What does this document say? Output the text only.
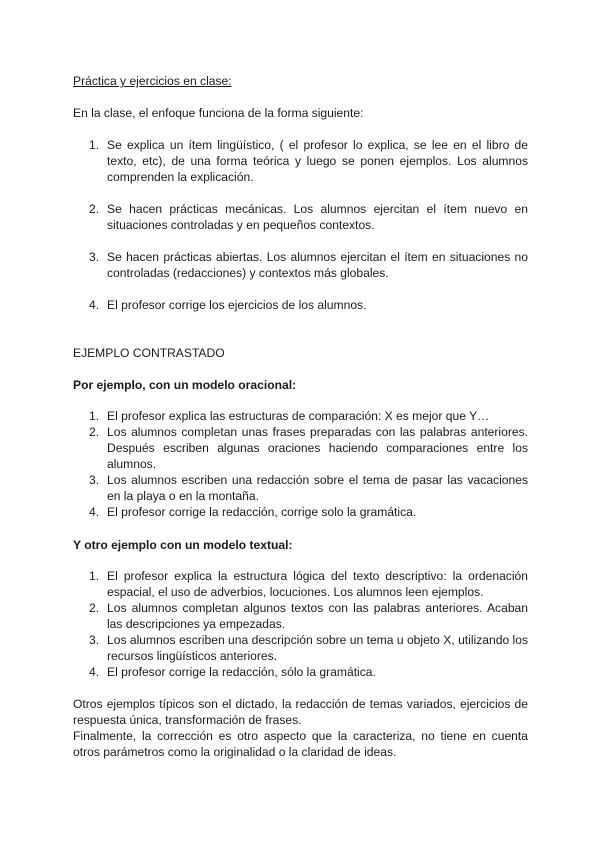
Práctica y ejercicios en clase:

En la clase, el enfoque funciona de la forma siguiente:

1. Se explica un ítem lingüístico, ( el profesor lo explica, se lee en el libro de texto, etc), de una forma teórica y luego se ponen ejemplos. Los alumnos comprenden la explicación.
2. Se hacen prácticas mecánicas. Los alumnos ejercitan el ítem nuevo en situaciones controladas y en pequeños contextos.
3. Se hacen prácticas abiertas. Los alumnos ejercitan el ítem en situaciones no controladas (redacciones) y contextos más globales.
4. El profesor corrige los ejercicios de los alumnos.

EJEMPLO CONTRASTADO

Por ejemplo, con un modelo oracional:

1. El profesor explica las estructuras de comparación: X es mejor que Y…
2. Los alumnos completan unas frases preparadas con las palabras anteriores. Después escriben algunas oraciones haciendo comparaciones entre los alumnos.
3. Los alumnos escriben una redacción sobre el tema de pasar las vacaciones en la playa o en la montaña.
4. El profesor corrige la redacción, corrige solo la gramática.

Y otro ejemplo con un modelo textual:

1. El profesor explica la estructura lógica del texto descriptivo: la ordenación espacial, el uso de adverbios, locuciones. Los alumnos leen ejemplos.
2. Los alumnos completan algunos textos con las palabras anteriores. Acaban las descripciones ya empezadas.
3. Los alumnos escriben una descripción sobre un tema u objeto X, utilizando los recursos lingüísticos anteriores.
4. El profesor corrige la redacción, sólo la gramática.

Otros ejemplos típicos son el dictado, la redacción de temas variados, ejercicios de respuesta única, transformación de frases.

Finalmente, la corrección es otro aspecto que la caracteriza, no tiene en cuenta otros parámetros como la originalidad o la claridad de ideas.
